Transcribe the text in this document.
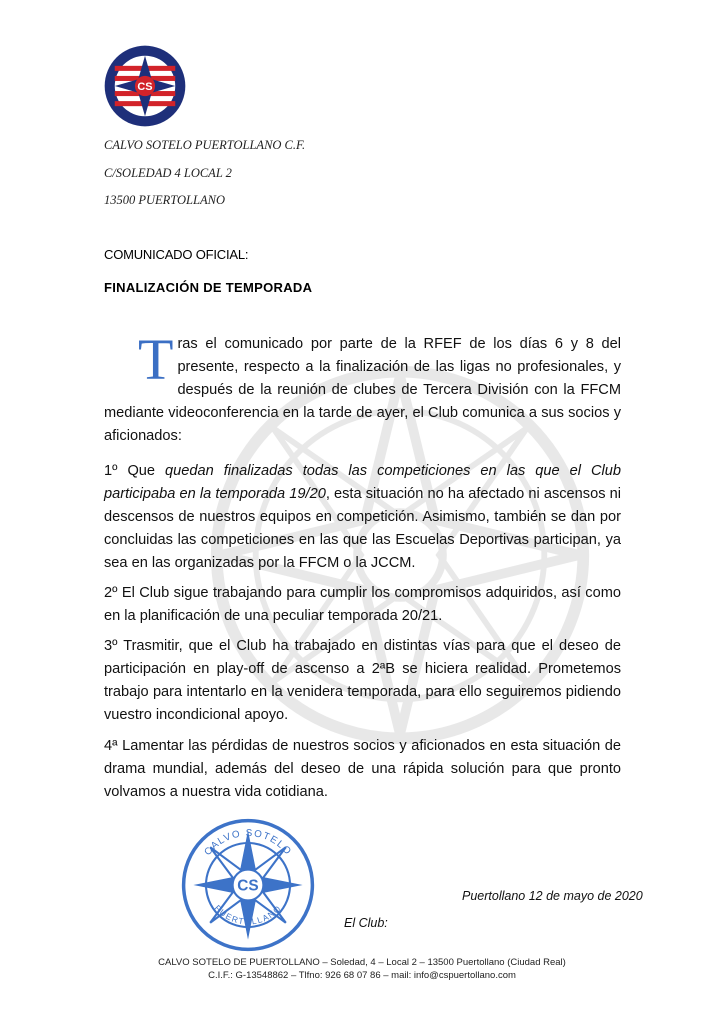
CS
CALVO SOTELO PUERTOLLANO C.F.
C/SOLEDAD 4 LOCAL 2
13500 PUERTOLLANO
COMUNICADO OFICIAL:
FINALIZACIÓN DE TEMPORADA
Tras el comunicado por parte de la RFEF de los días 6 y 8 del presente, respecto a la finalización de las ligas no profesionales, y después de la reunión de clubes de Tercera División con la FFCM mediante videoconferencia en la tarde de ayer, el Club comunica a sus socios y aficionados:
1º Que quedan finalizadas todas las competiciones en las que el Club participaba en la temporada 19/20, esta situación no ha afectado ni ascensos ni descensos de nuestros equipos en competición. Asimismo, también se dan por concluidas las competiciones en las que las Escuelas Deportivas participan, ya sea en las organizadas por la FFCM o la JCCM.
2º El Club sigue trabajando para cumplir los compromisos adquiridos, así como en la planificación de una peculiar temporada 20/21.
3º Trasmitir, que el Club ha trabajado en distintas vías para que el deseo de participación en play-off de ascenso a 2ªB se hiciera realidad. Prometemos trabajo para intentarlo en la venidera temporada, para ello seguiremos pidiendo vuestro incondicional apoyo.
4ª Lamentar las pérdidas de nuestros socios y aficionados en esta situación de drama mundial, además del deseo de una rápida solución para que pronto volvamos a nuestra vida cotidiana.
CS
CALVO SOTELO
PUERTOLLANO
Puertollano 12 de mayo de 2020
El Club:
CALVO SOTELO DE PUERTOLLANO – Soledad, 4 – Local 2 – 13500 Puertollano (Ciudad Real)
C.I.F.: G-13548862 – Tlfno: 926 68 07 86 – mail: info@cspuertollano.com
